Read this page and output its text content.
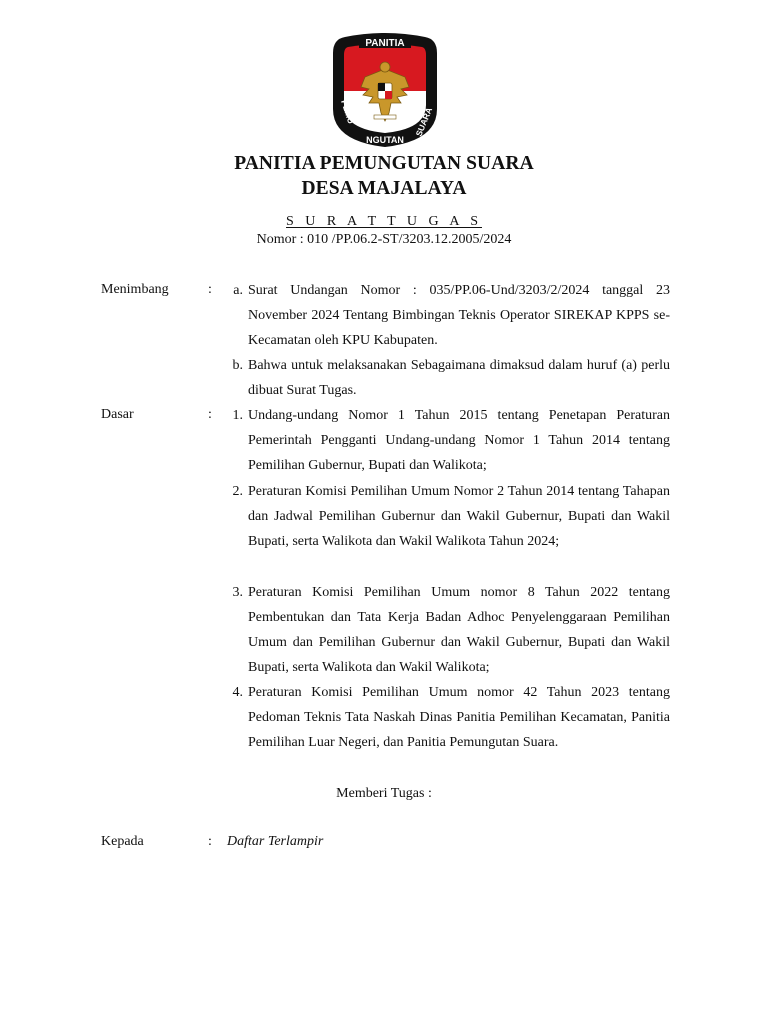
PANITIA
PEMU
NGUTAN
SUARA
PANITIA PEMUNGUTAN SUARA
DESA MAJALAYA
S U R A T T U G A S
Nomor : 010 /PP.06.2-ST/3203.12.2005/2024
Menimbang	:	a. Surat Undangan Nomor : 035/PP.06-Und/3203/2/2024 tanggal 23 November 2024 Tentang Bimbingan Teknis Operator SIREKAP KPPS se-Kecamatan oleh KPU Kabupaten.
b. Bahwa untuk melaksanakan Sebagaimana dimaksud dalam huruf (a) perlu dibuat Surat Tugas.
Dasar	:	1. Undang-undang Nomor 1 Tahun 2015 tentang Penetapan Peraturan Pemerintah Pengganti Undang-undang Nomor 1 Tahun 2014 tentang Pemilihan Gubernur, Bupati dan Walikota;
2. Peraturan Komisi Pemilihan Umum Nomor 2 Tahun 2014 tentang Tahapan dan Jadwal Pemilihan Gubernur dan Wakil Gubernur, Bupati dan Wakil Bupati, serta Walikota dan Wakil Walikota Tahun 2024;
3. Peraturan Komisi Pemilihan Umum nomor 8 Tahun 2022 tentang Pembentukan dan Tata Kerja Badan Adhoc Penyelenggaraan Pemilihan Umum dan Pemilihan Gubernur dan Wakil Gubernur, Bupati dan Wakil Bupati, serta Walikota dan Wakil Walikota;
4. Peraturan Komisi Pemilihan Umum nomor 42 Tahun 2023 tentang Pedoman Teknis Tata Naskah Dinas Panitia Pemilihan Kecamatan, Panitia Pemilihan Luar Negeri, dan Panitia Pemungutan Suara.
Memberi Tugas :
Kepada	: Daftar Terlampir
